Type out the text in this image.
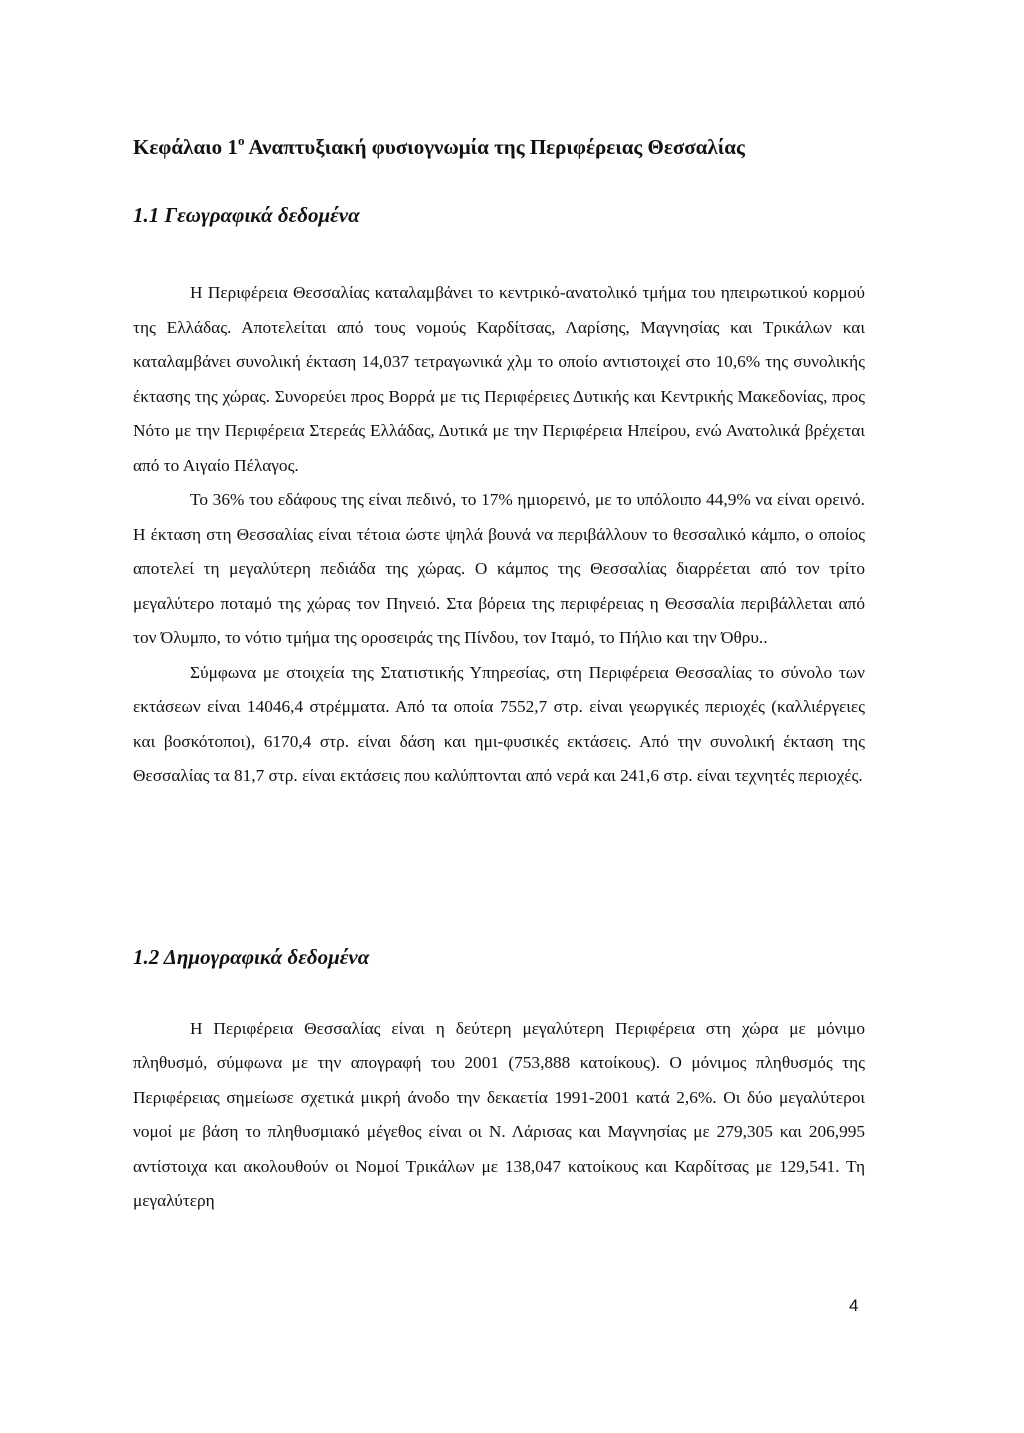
Κεφάλαιο $1^o$ Αναπτυξιακή φυσιογνωμία της Περιφέρειας Θεσσαλίας
1.1 Γεωγραφικά δεδομένα

Η Περιφέρεια Θεσσαλίας καταλαμβάνει το κεντρικό-ανατολικό τμήμα του ηπειρωτικού κορμού της Ελλάδας. Αποτελείται από τους νομούς Καρδίτσας, Λαρίσης, Μαγνησίας και Τρικάλων και καταλαμβάνει συνολική έκταση 14,037 τετραγωνικά χλμ το οποίο αντιστοιχεί στο 10,6% της συνολικής έκτασης της χώρας. Συνορεύει προς Βορρά με τις Περιφέρειες Δυτικής και Κεντρικής Μακεδονίας, προς Νότο με την Περιφέρεια Στερεάς Ελλάδας, Δυτικά με την Περιφέρεια Ηπείρου, ενώ Ανατολικά βρέχεται από το Αιγαίο Πέλαγος.

Το 36% του εδάφους της είναι πεδινό, το 17% ημιορεινό, με το υπόλοιπο 44,9% να είναι ορεινό. Η έκταση στη Θεσσαλίας είναι τέτοια ώστε ψηλά βουνά να περιβάλλουν το θεσσαλικό κάμπο, ο οποίος αποτελεί τη μεγαλύτερη πεδιάδα της χώρας. Ο κάμπος της Θεσσαλίας διαρρέεται από τον τρίτο μεγαλύτερο ποταμό της χώρας τον Πηνειό. Στα βόρεια της περιφέρειας η Θεσσαλία περιβάλλεται από τον Όλυμπο, το νότιο τμήμα της οροσειράς της Πίνδου, τον Ιταμό, το Πήλιο και την Όθρυ..

Σύμφωνα με στοιχεία της Στατιστικής Υπηρεσίας, στη Περιφέρεια Θεσσαλίας το σύνολο των εκτάσεων είναι 14046,4 στρέμματα. Από τα οποία 7552,7 στρ. είναι γεωργικές περιοχές (καλλιέργειες και βοσκότοποι), 6170,4 στρ. είναι δάση και ημι-φυσικές εκτάσεις. Από την συνολική έκταση της Θεσσαλίας τα 81,7 στρ. είναι εκτάσεις που καλύπτονται από νερά και 241,6 στρ. είναι τεχνητές περιοχές.

1.2 Δημογραφικά δεδομένα

Η Περιφέρεια Θεσσαλίας είναι η δεύτερη μεγαλύτερη Περιφέρεια στη χώρα με μόνιμο πληθυσμό, σύμφωνα με την απογραφή του 2001 (753,888 κατοίκους). Ο μόνιμος πληθυσμός της Περιφέρειας σημείωσε σχετικά μικρή άνοδο την δεκαετία 1991-2001 κατά 2,6%. Οι δύο μεγαλύτεροι νομοί με βάση το πληθυσμιακό μέγεθος είναι οι Ν. Λάρισας και Μαγνησίας με 279,305 και 206,995 αντίστοιχα και ακολουθούν οι Νομοί Τρικάλων με 138,047 κατοίκους και Καρδίτσας με 129,541. Τη μεγαλύτερη

4
